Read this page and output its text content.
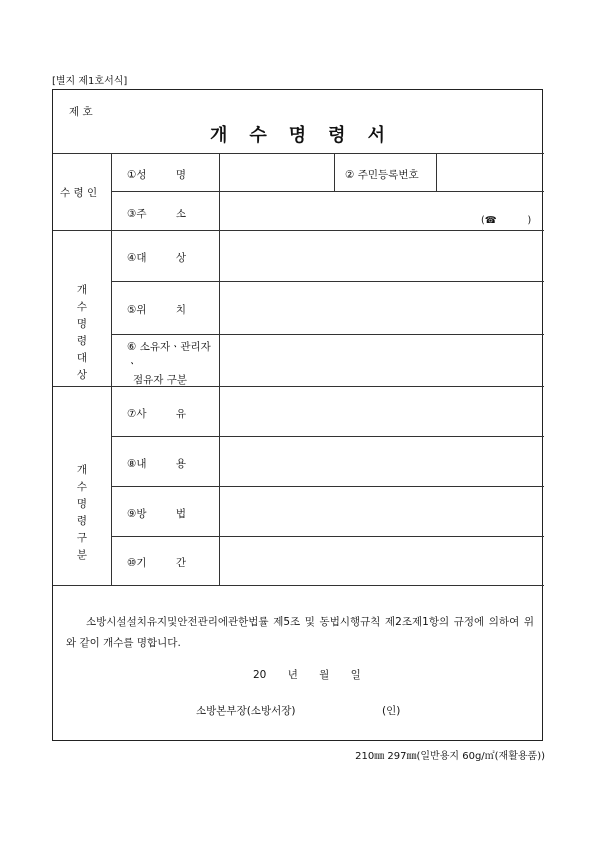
[별지 제1호서식]
제 호
개수명령서
수 령 인
①성 명	② 주민등록번호
③주 소
(☎ )
개 수
명 령
대 상
④대 상
⑤위 치
⑥ 소유자ㆍ관리자
ㆍ
점유자 구분
개 수
명 령
구 분
⑦사 유
⑧내 용
⑨방 법
⑩기 간
소방시설설치유지및안전관리에관한법률 제5조 및 동법시행규칙 제2조제1항의 규정에 의하여 위와 같이 개수를 명합니다.
20 년 월 일
소방본부장(소방서장)	(인)
210㎜ 297㎜(일반용지 60g/㎡(재활용품))
